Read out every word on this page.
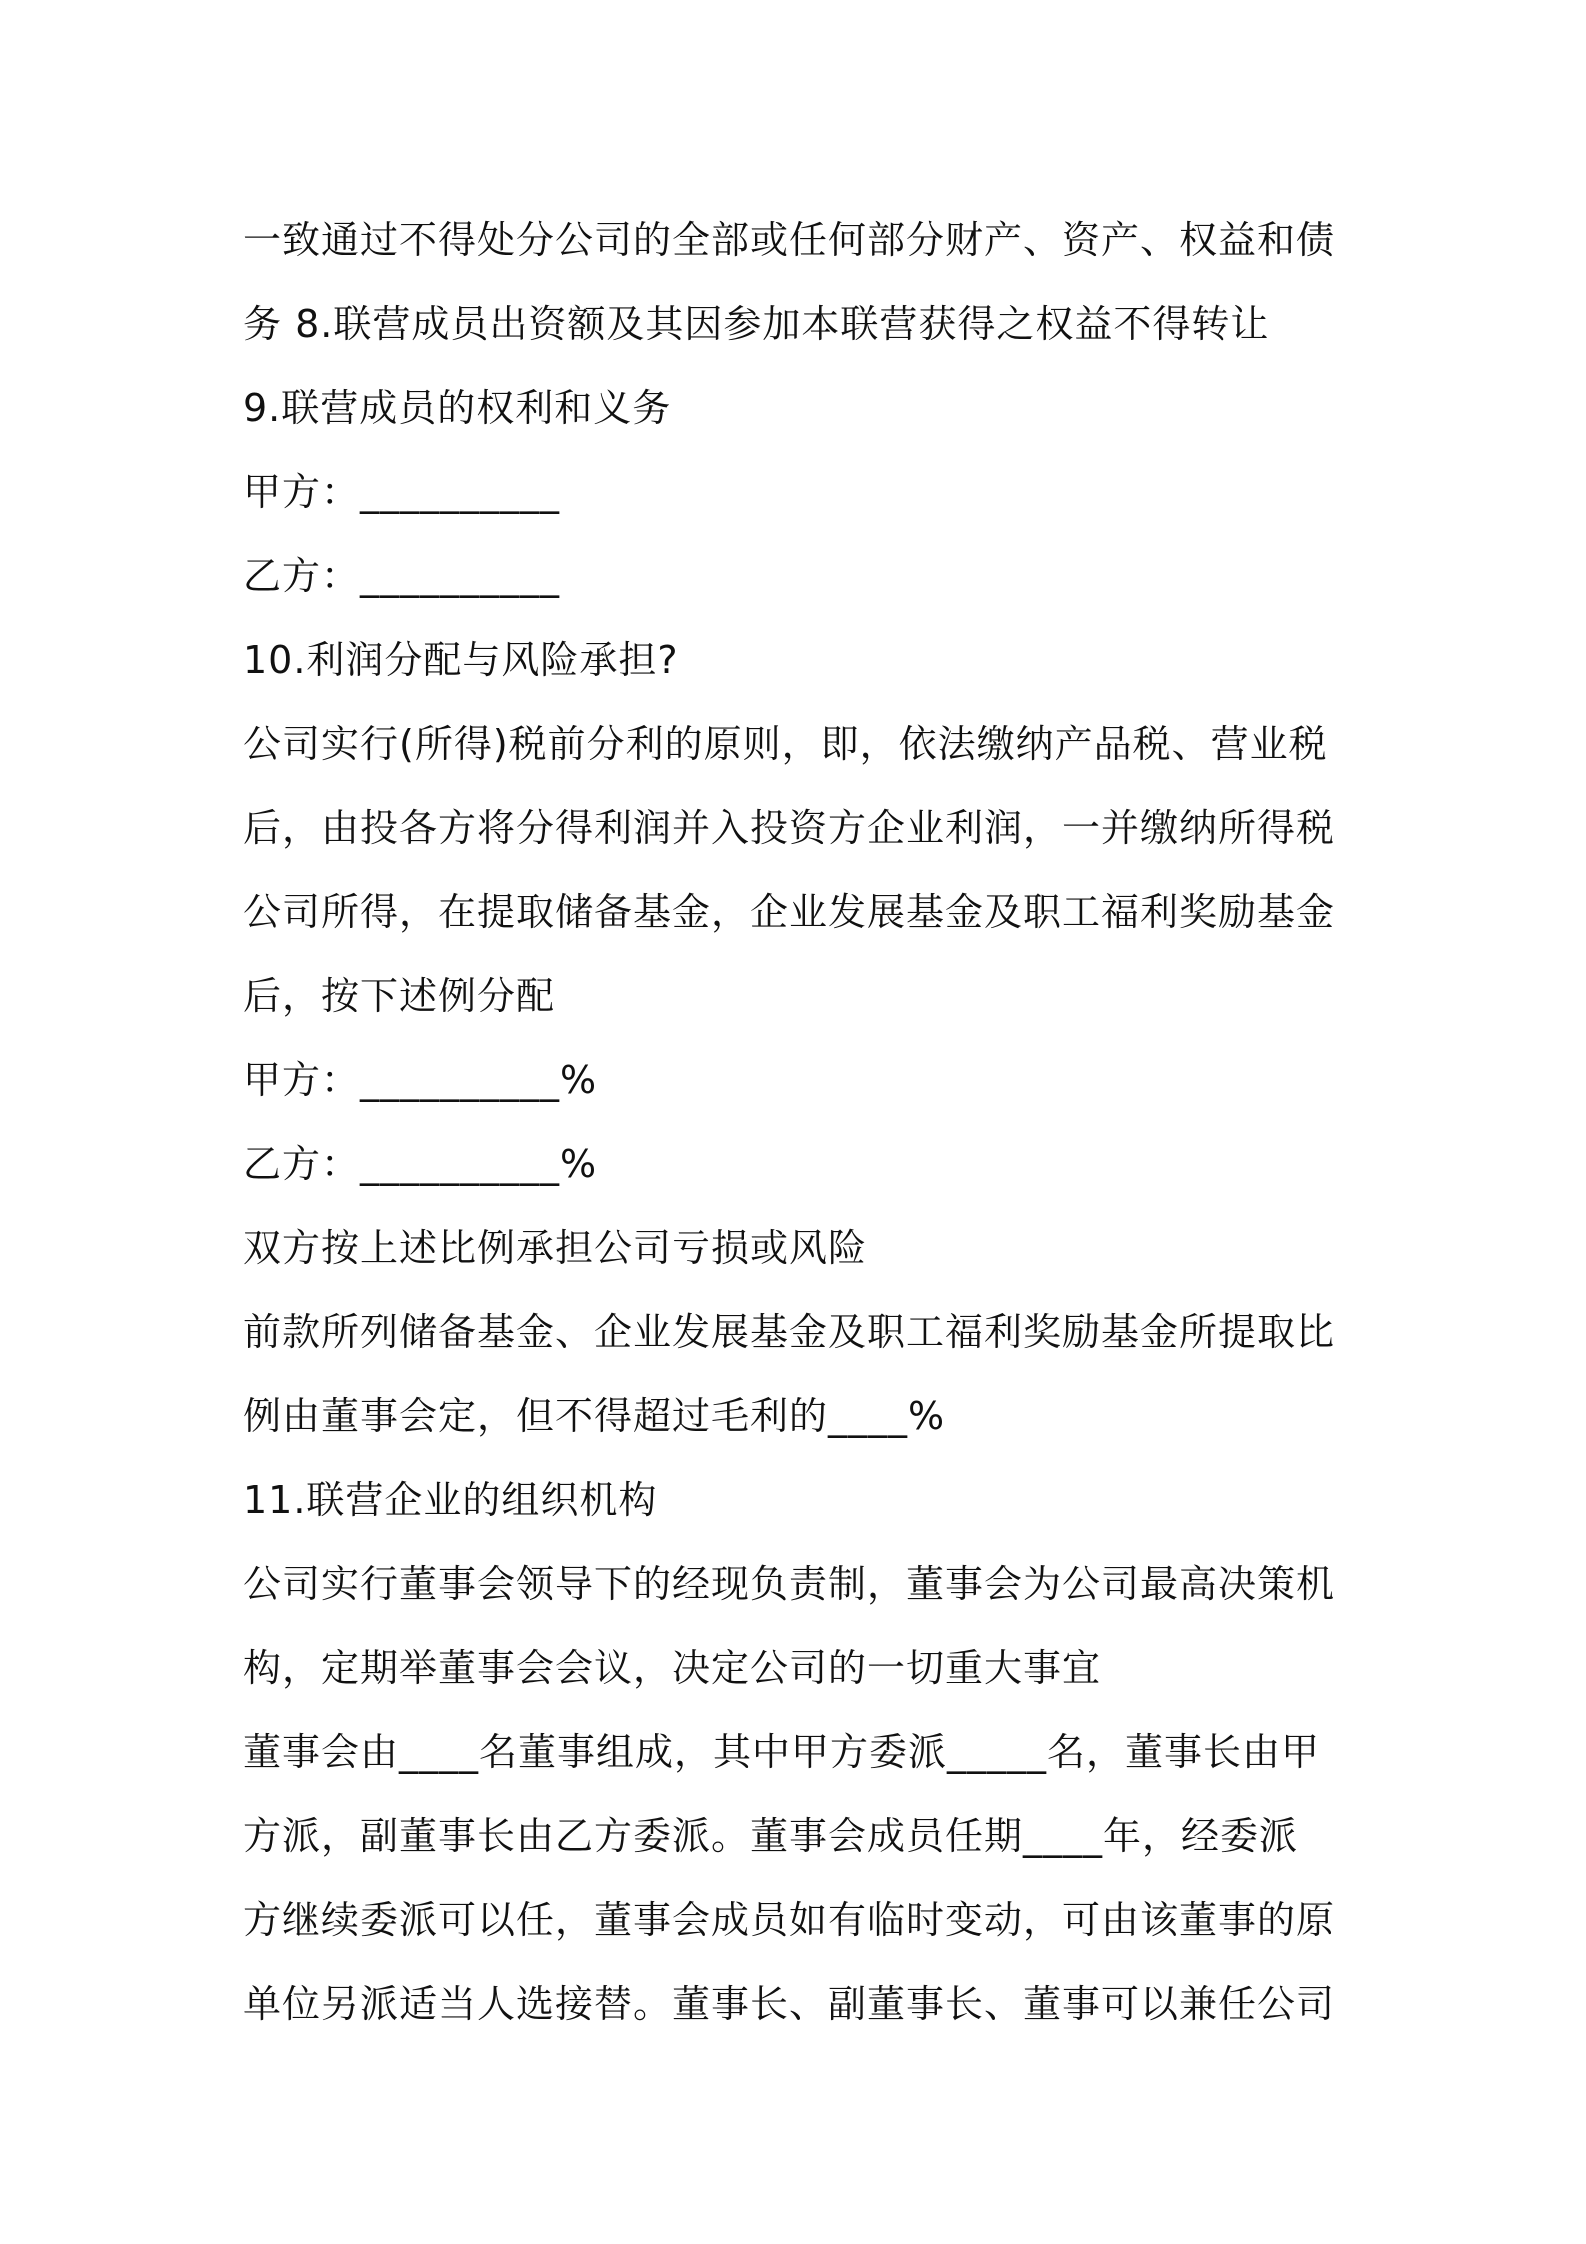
一致通过不得处分公司的全部或任何部分财产、资产、权益和债
务 8.联营成员出资额及其因参加本联营获得之权益不得转让
9.联营成员的权利和义务
甲方：__________
乙方：__________
10.利润分配与风险承担?
公司实行(所得)税前分利的原则，即，依法缴纳产品税、营业税
后，由投各方将分得利润并入投资方企业利润，一并缴纳所得税
公司所得，在提取储备基金，企业发展基金及职工福利奖励基金
后，按下述例分配
甲方：__________%
乙方：__________%
双方按上述比例承担公司亏损或风险
前款所列储备基金、企业发展基金及职工福利奖励基金所提取比
例由董事会定，但不得超过毛利的____%
11.联营企业的组织机构
公司实行董事会领导下的经现负责制，董事会为公司最高决策机
构，定期举董事会会议，决定公司的一切重大事宜
董事会由____名董事组成，其中甲方委派_____名，董事长由甲
方派，副董事长由乙方委派。董事会成员任期____年，经委派
方继续委派可以任，董事会成员如有临时变动，可由该董事的原
单位另派适当人选接替。董事长、副董事长、董事可以兼任公司
